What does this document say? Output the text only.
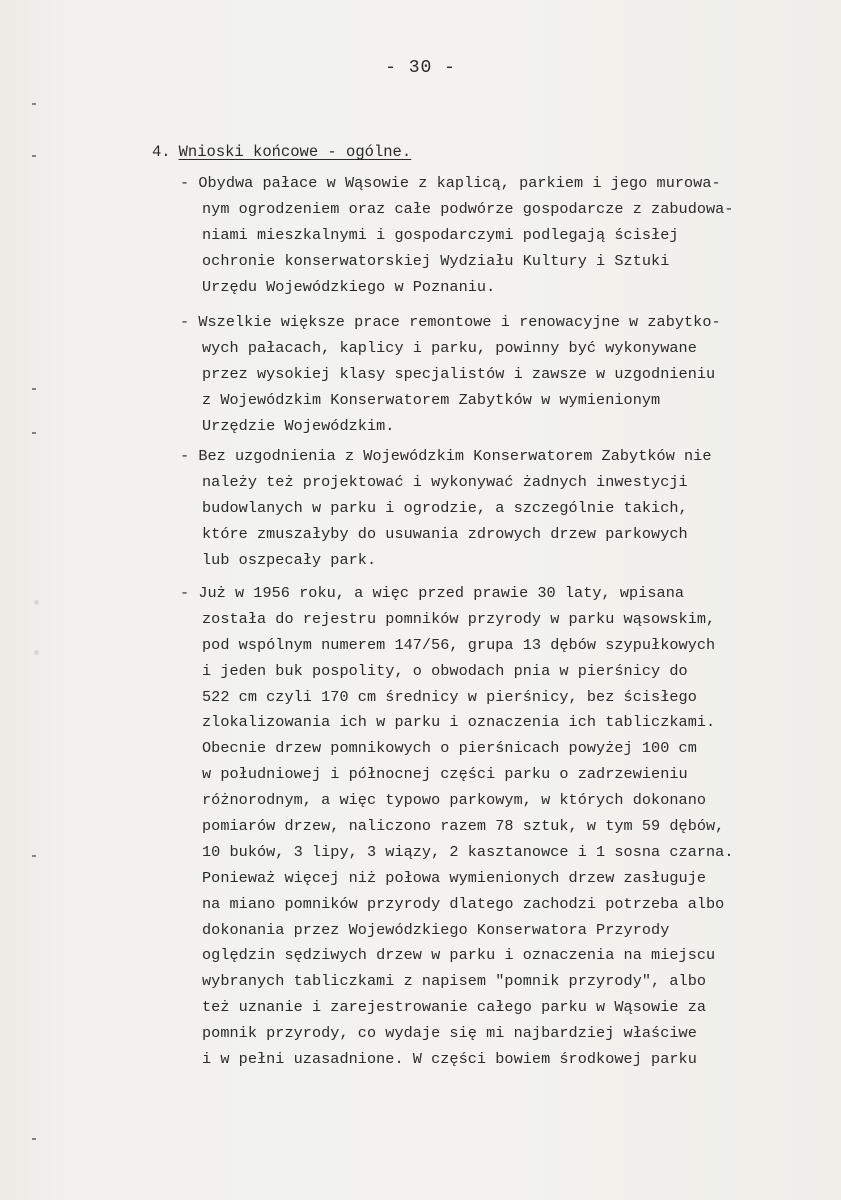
- 30 -
4. Wnioski końcowe - ogólne.
- Obydwa pałace w Wąsowie z kaplicą, parkiem i jego murowa-
nym ogrodzeniem oraz całe podwórze gospodarcze z zabudowa-
niami mieszkalnymi i gospodarczymi podlegają ścisłej
ochronie konserwatorskiej Wydziału Kultury i Sztuki
Urzędu Wojewódzkiego w Poznaniu.
- Wszelkie większe prace remontowe i renowacyjne w zabytko-
wych pałacach, kaplicy i parku, powinny być wykonywane
przez wysokiej klasy specjalistów i zawsze w uzgodnieniu
z Wojewódzkim Konserwatorem Zabytków w wymienionym
Urzędzie Wojewódzkim.
- Bez uzgodnienia z Wojewódzkim Konserwatorem Zabytków nie
należy też projektować i wykonywać żadnych inwestycji
budowlanych w parku i ogrodzie, a szczególnie takich,
które zmuszałyby do usuwania zdrowych drzew parkowych
lub oszpecały park.
- Już w 1956 roku, a więc przed prawie 30 laty, wpisana
została do rejestru pomników przyrody w parku wąsowskim,
pod wspólnym numerem 147/56, grupa 13 dębów szypułkowych
i jeden buk pospolity, o obwodach pnia w pierśnicy do
522 cm czyli 170 cm średnicy w pierśnicy, bez ścisłego
zlokalizowania ich w parku i oznaczenia ich tabliczkami.
Obecnie drzew pomnikowych o pierśnicach powyżej 100 cm
w południowej i północnej części parku o zadrzewieniu
różnorodnym, a więc typowo parkowym, w których dokonano
pomiarów drzew, naliczono razem 78 sztuk, w tym 59 dębów,
10 buków, 3 lipy, 3 wiązy, 2 kasztanowce i 1 sosna czarna.
Ponieważ więcej niż połowa wymienionych drzew zasługuje
na miano pomników przyrody dlatego zachodzi potrzeba albo
dokonania przez Wojewódzkiego Konserwatora Przyrody
oględzin sędziwych drzew w parku i oznaczenia na miejscu
wybranych tabliczkami z napisem "pomnik przyrody", albo
też uznanie i zarejestrowanie całego parku w Wąsowie za
pomnik przyrody, co wydaje się mi najbardziej właściwe
i w pełni uzasadnione. W części bowiem środkowej parku
